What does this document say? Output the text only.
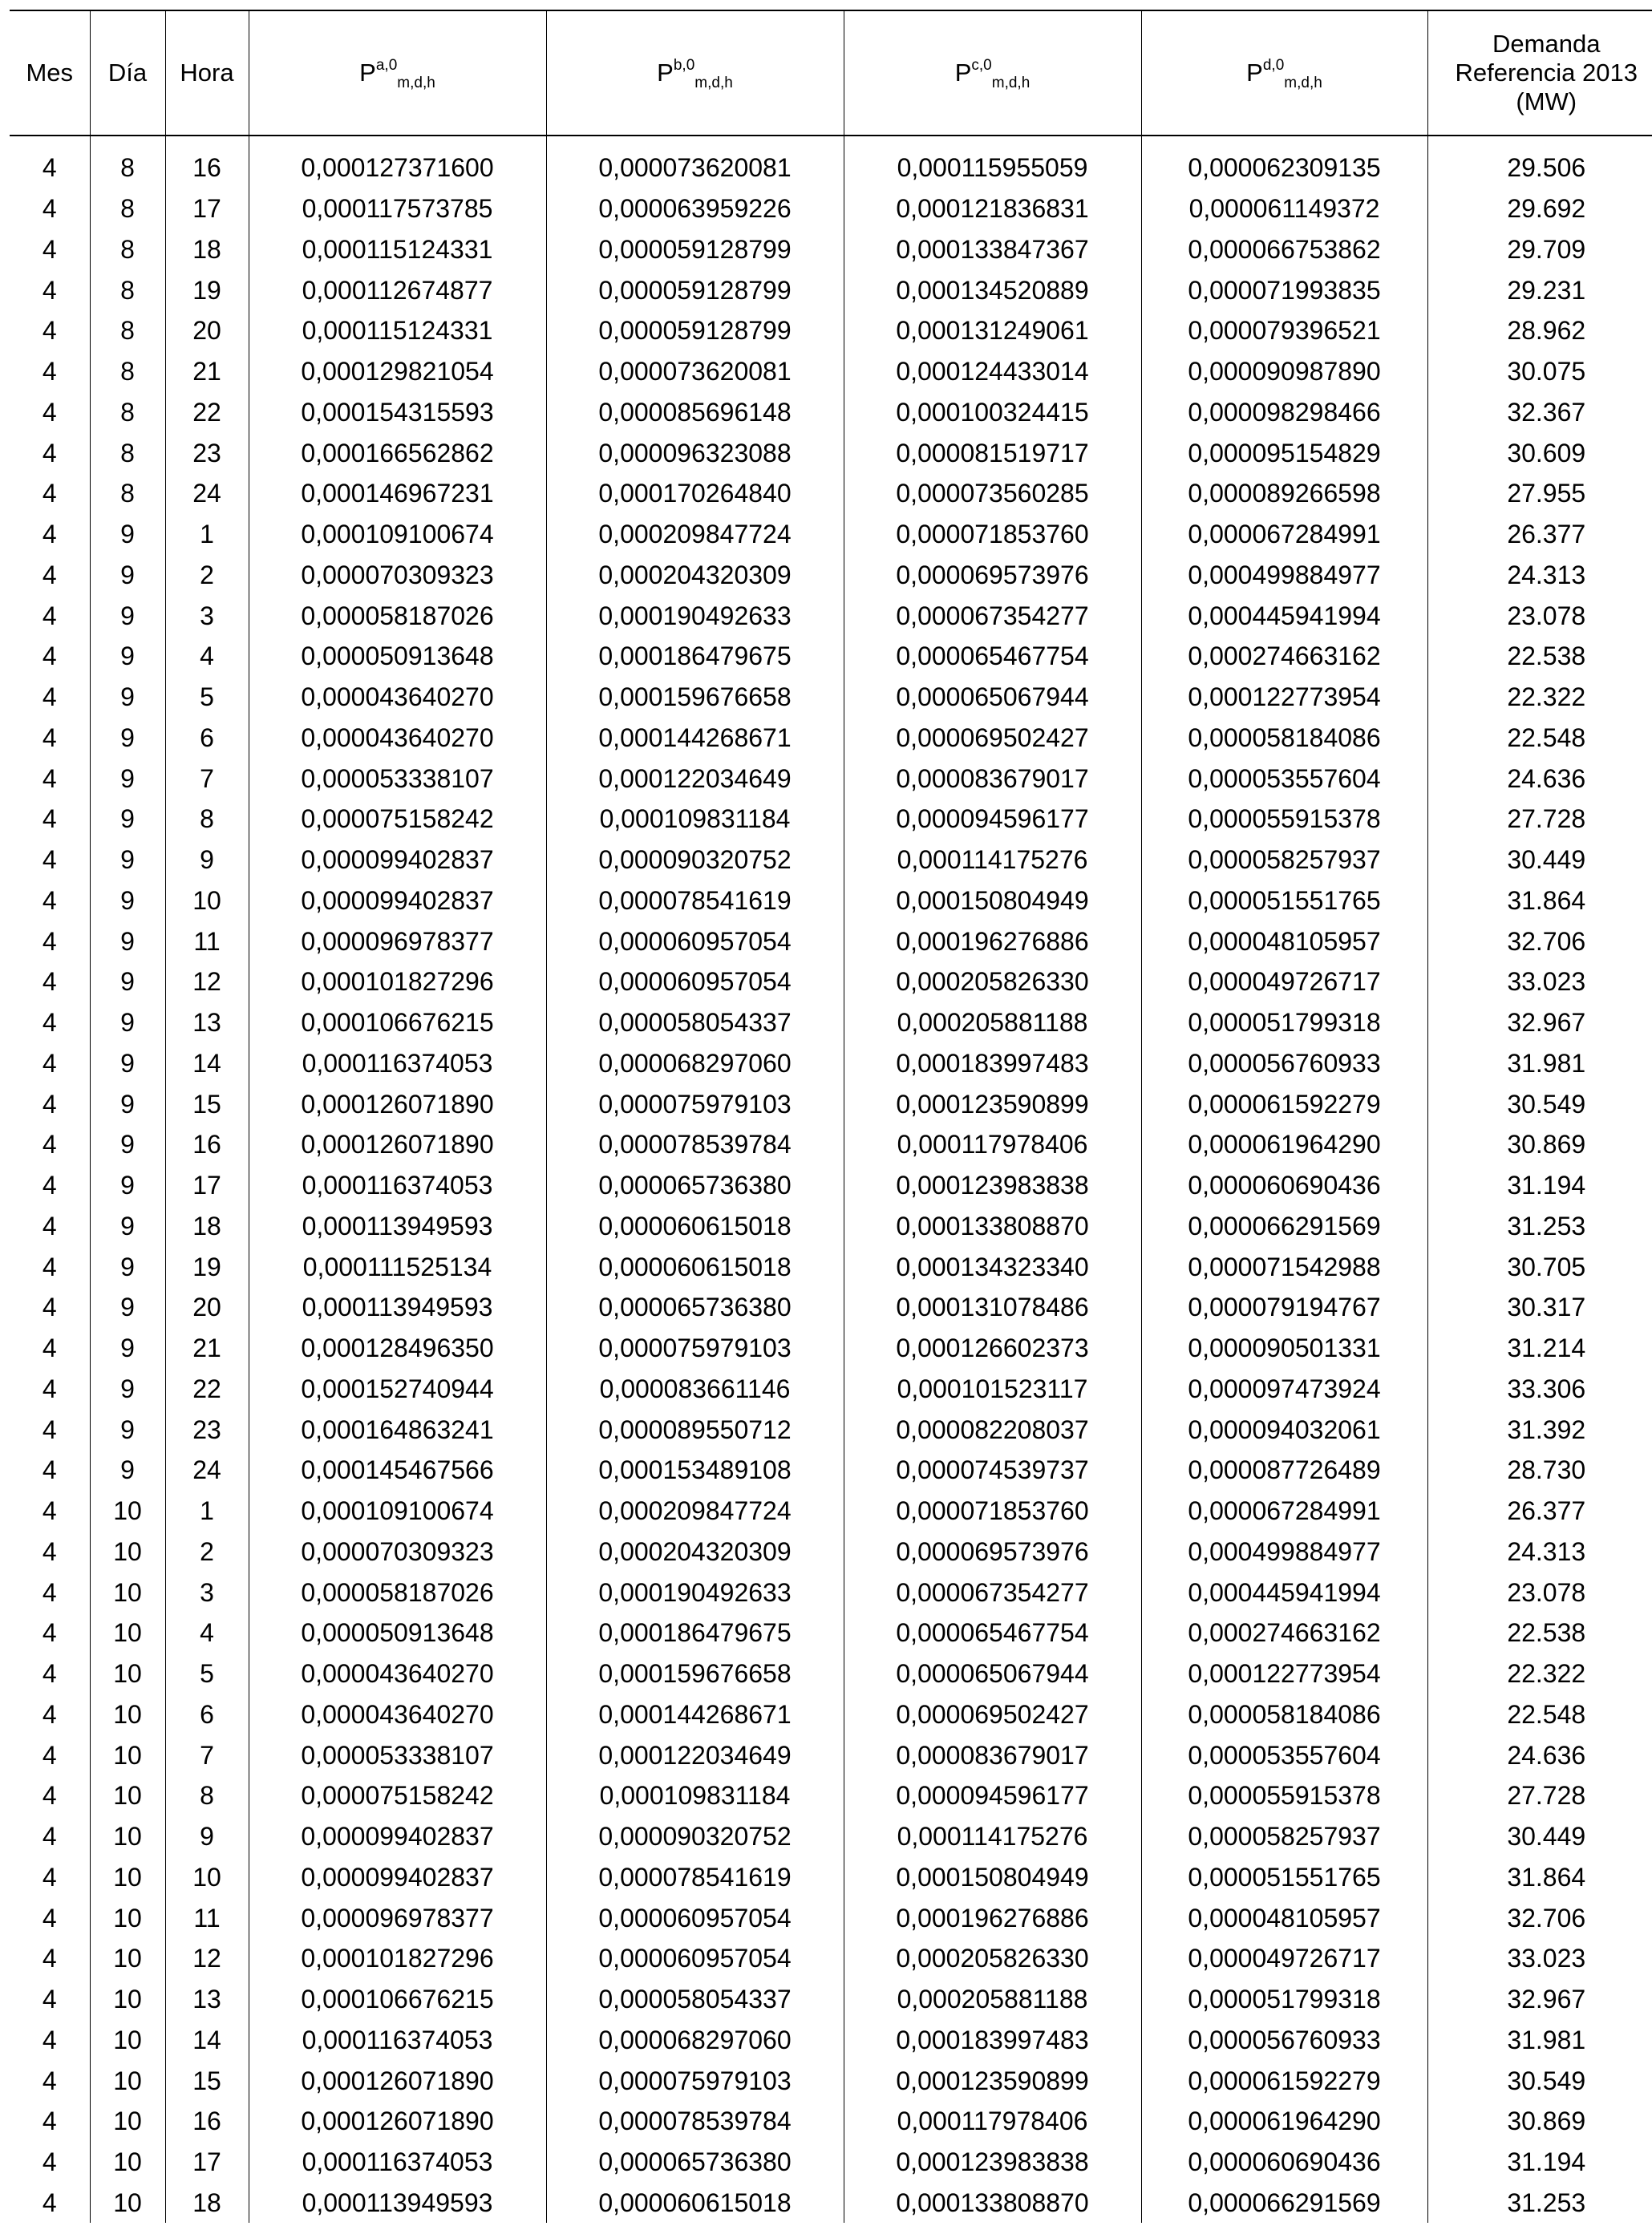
Mes	Día	Hora	P$^{a,0}_{m,d,h}$	P$^{b,0}_{m,d,h}$	P$^{c,0}_{m,d,h}$	P$^{d,0}_{m,d,h}$	Demanda
Referencia 2013
(MW)
4	8	16	0,000127371600	0,000073620081	0,000115955059	0,000062309135	29.506
4	8	17	0,000117573785	0,000063959226	0,000121836831	0,000061149372	29.692
4	8	18	0,000115124331	0,000059128799	0,000133847367	0,000066753862	29.709
4	8	19	0,000112674877	0,000059128799	0,000134520889	0,000071993835	29.231
4	8	20	0,000115124331	0,000059128799	0,000131249061	0,000079396521	28.962
4	8	21	0,000129821054	0,000073620081	0,000124433014	0,000090987890	30.075
4	8	22	0,000154315593	0,000085696148	0,000100324415	0,000098298466	32.367
4	8	23	0,000166562862	0,000096323088	0,000081519717	0,000095154829	30.609
4	8	24	0,000146967231	0,000170264840	0,000073560285	0,000089266598	27.955
4	9	1	0,000109100674	0,000209847724	0,000071853760	0,000067284991	26.377
4	9	2	0,000070309323	0,000204320309	0,000069573976	0,000499884977	24.313
4	9	3	0,000058187026	0,000190492633	0,000067354277	0,000445941994	23.078
4	9	4	0,000050913648	0,000186479675	0,000065467754	0,000274663162	22.538
4	9	5	0,000043640270	0,000159676658	0,000065067944	0,000122773954	22.322
4	9	6	0,000043640270	0,000144268671	0,000069502427	0,000058184086	22.548
4	9	7	0,000053338107	0,000122034649	0,000083679017	0,000053557604	24.636
4	9	8	0,000075158242	0,000109831184	0,000094596177	0,000055915378	27.728
4	9	9	0,000099402837	0,000090320752	0,000114175276	0,000058257937	30.449
4	9	10	0,000099402837	0,000078541619	0,000150804949	0,000051551765	31.864
4	9	11	0,000096978377	0,000060957054	0,000196276886	0,000048105957	32.706
4	9	12	0,000101827296	0,000060957054	0,000205826330	0,000049726717	33.023
4	9	13	0,000106676215	0,000058054337	0,000205881188	0,000051799318	32.967
4	9	14	0,000116374053	0,000068297060	0,000183997483	0,000056760933	31.981
4	9	15	0,000126071890	0,000075979103	0,000123590899	0,000061592279	30.549
4	9	16	0,000126071890	0,000078539784	0,000117978406	0,000061964290	30.869
4	9	17	0,000116374053	0,000065736380	0,000123983838	0,000060690436	31.194
4	9	18	0,000113949593	0,000060615018	0,000133808870	0,000066291569	31.253
4	9	19	0,000111525134	0,000060615018	0,000134323340	0,000071542988	30.705
4	9	20	0,000113949593	0,000065736380	0,000131078486	0,000079194767	30.317
4	9	21	0,000128496350	0,000075979103	0,000126602373	0,000090501331	31.214
4	9	22	0,000152740944	0,000083661146	0,000101523117	0,000097473924	33.306
4	9	23	0,000164863241	0,000089550712	0,000082208037	0,000094032061	31.392
4	9	24	0,000145467566	0,000153489108	0,000074539737	0,000087726489	28.730
4	10	1	0,000109100674	0,000209847724	0,000071853760	0,000067284991	26.377
4	10	2	0,000070309323	0,000204320309	0,000069573976	0,000499884977	24.313
4	10	3	0,000058187026	0,000190492633	0,000067354277	0,000445941994	23.078
4	10	4	0,000050913648	0,000186479675	0,000065467754	0,000274663162	22.538
4	10	5	0,000043640270	0,000159676658	0,000065067944	0,000122773954	22.322
4	10	6	0,000043640270	0,000144268671	0,000069502427	0,000058184086	22.548
4	10	7	0,000053338107	0,000122034649	0,000083679017	0,000053557604	24.636
4	10	8	0,000075158242	0,000109831184	0,000094596177	0,000055915378	27.728
4	10	9	0,000099402837	0,000090320752	0,000114175276	0,000058257937	30.449
4	10	10	0,000099402837	0,000078541619	0,000150804949	0,000051551765	31.864
4	10	11	0,000096978377	0,000060957054	0,000196276886	0,000048105957	32.706
4	10	12	0,000101827296	0,000060957054	0,000205826330	0,000049726717	33.023
4	10	13	0,000106676215	0,000058054337	0,000205881188	0,000051799318	32.967
4	10	14	0,000116374053	0,000068297060	0,000183997483	0,000056760933	31.981
4	10	15	0,000126071890	0,000075979103	0,000123590899	0,000061592279	30.549
4	10	16	0,000126071890	0,000078539784	0,000117978406	0,000061964290	30.869
4	10	17	0,000116374053	0,000065736380	0,000123983838	0,000060690436	31.194
4	10	18	0,000113949593	0,000060615018	0,000133808870	0,000066291569	31.253
